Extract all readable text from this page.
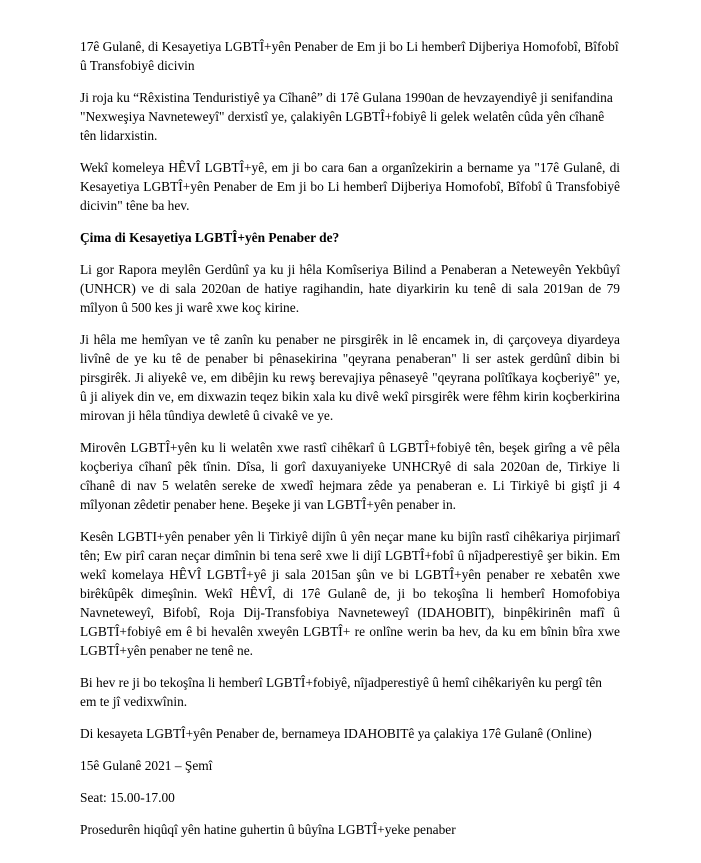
17ê Gulanê, di Kesayetiya LGBTÎ+yên Penaber de Em ji bo Li hemberî Dijberiya Homofobî, Bîfobî û Transfobiyê dicivin

Ji roja ku “Rêxistina Tenduristiyê ya Cîhanê” di 17ê Gulana 1990an de hevzayendiyê ji senifandina "Nexweşiya Navneteweyî" derxistî ye, çalakiyên LGBTÎ+fobiyê li gelek welatên cûda yên cîhanê tên lidarxistin.

Wekî komeleya HÊVÎ LGBTÎ+yê, em ji bo cara 6an a organîzekirin a bername ya "17ê Gulanê, di Kesayetiya LGBTÎ+yên Penaber de Em ji bo Li hemberî Dijberiya Homofobî, Bîfobî û Transfobiyê dicivin" têne ba hev.

Çima di Kesayetiya LGBTÎ+yên Penaber de?

Li gor Rapora meylên Gerdûnî ya ku ji hêla Komîseriya Bilind a Penaberan a Neteweyên Yekbûyî (UNHCR) ve di sala 2020an de hatiye ragihandin, hate diyarkirin ku tenê di sala 2019an de 79 mîlyon û 500 kes ji warê xwe koç kirine.

Ji hêla me hemîyan ve tê zanîn ku penaber ne pirsgirêk in lê encamek in, di çarçoveya diyardeya livînê de ye ku tê de penaber bi pênasekirina "qeyrana penaberan" li ser astek gerdûnî dibin bi pirsgirêk. Ji aliyekê ve, em dibêjin ku rewş berevajiya pênaseyê "qeyrana polîtîkaya koçberiyê" ye, û ji aliyek din ve, em dixwazin teqez bikin xala ku divê wekî pirsgirêk were fêhm kirin koçberkirina mirovan ji hêla tûndiya dewletê û civakê ve ye.

Mirovên LGBTÎ+yên ku li welatên xwe rastî cihêkarî û LGBTÎ+fobiyê tên, beşek girîng a vê pêla koçberiya cîhanî pêk tînin. Dîsa, li gorî daxuyaniyeke UNHCRyê di sala 2020an de, Tirkiye li cîhanê di nav 5 welatên sereke de xwedî hejmara zêde ya penaberan e. Li Tirkiyê bi giştî ji 4 mîlyonan zêdetir penaber hene. Beşeke ji van LGBTÎ+yên penaber in.

Kesên LGBTI+yên penaber yên li Tirkiyê dijîn û yên neçar mane ku bijîn rastî cihêkariya pirjimarî tên; Ew pirî caran neçar dimînin bi tena serê xwe li dijî LGBTÎ+fobî û nîjadperestiyê şer bikin. Em wekî komelaya HÊVÎ LGBTÎ+yê ji sala 2015an şûn ve bi LGBTÎ+yên penaber re xebatên xwe birêkûpêk dimeşînin. Wekî HÊVÎ, di 17ê Gulanê de, ji bo tekoşîna li hemberî Homofobiya Navneteweyî, Bifobî, Roja Dij-Transfobiya Navneteweyî (IDAHOBIT), binpêkirinên mafî û LGBTÎ+fobiyê em ê bi hevalên xweyên LGBTÎ+ re onlîne werin ba hev, da ku em bînin bîra xwe LGBTÎ+yên penaber ne tenê ne.

Bi hev re ji bo tekoşîna li hemberî LGBTÎ+fobiyê, nîjadperestiyê û hemî cihêkariyên ku pergî tên em te jî vedixwînin.

Di kesayeta LGBTÎ+yên Penaber de, bernameya IDAHOBITê ya çalakiya 17ê Gulanê (Online)

15ê Gulanê 2021 – Şemî

Seat: 15.00-17.00

Prosedurên hiqûqî yên hatine guhertin û bûyîna LGBTÎ+yeke penaber
